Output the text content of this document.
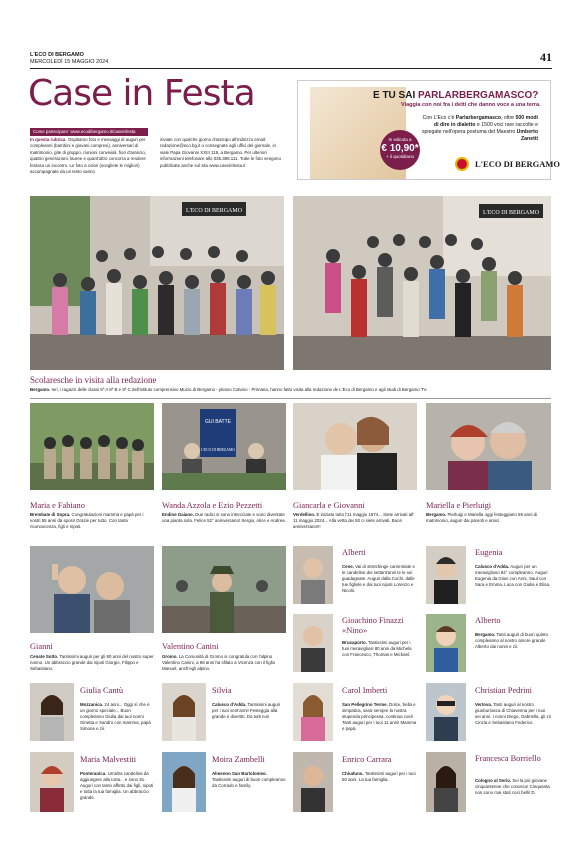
L'ECO DI BERGAMO
MERCOLEDÌ 15 MAGGIO 2024	41
Case in Festa
Come partecipare: www.ecodibergamo.it/caseinfesta
In questa rubrica. Ospitiamo foto e messaggi di auguri per compleanni (bambini e giovani compresi), anniversari di matrimonio, gite di gruppo, riunioni conviviali, fiori d'arancio, quattro generazioni, lauree e quant'altro concorra a rendere festoso un incontro. Le foto a colori (scegliete le migliori) accompagnate da un testo vanno
inviate con qualche giorno d'anticipo all'indirizzo email: redazione@eco.bg.it o consegnate agli uffici del giornale, in viale Papa Giovanni XXIII 118, a Bergamo. Per ulteriori informazioni telefonare allo 035.386.111. Tutte le foto vengono pubblicate anche sul sito www.caseinfesta.it
E TU SAI PARLARBERGAMASCO?
Viaggia con noi fra i detti che danno voce a una terra.
Con L'Eco c'è Parlarbergamasco, oltre 500 modi di dire in dialetto e 1500 voci rare raccolte e spiegate nell'opera postuma del Maestro Umberto Zanetti
In edicola a
€ 10,90*
+ il quotidiano
L'ECO DI BERGAMO
L'ECO DI BERGAMO	L'ECO DI BERGAMO
Scolaresche in visita alla redazione
Bergamo. Ieri, i ragazzi delle classi 5ª A 5ª B e 5ª C dell'istituto comprensivo Muzio di Bergamo - plesso Calvino - Primaria, hanno fatto visita alla redazione de L'Eco di Bergamo e agli studi di Bergamo TV.
GUI BATTE
L'ECO DI BERGAMO
Maria e Fabiano
Brembate di Sopra. Congratulazioni mamma e papà per i vostri 55 anni da sposi! Grazie per tutto. Con tanta riconoscenza, figli e nipoti.
Wanda Azzola e Ezio Pezzetti
Endine Gaiano. Due radici si sono intrecciate e sono diventate una pianta sola. Felice 52° anniversario! Sergio, Alice e Andrea.
Giancarla e Giovanni
Verdellino. È iniziato tutto l'11 maggio 1974... Siete arrivati all' 11 maggio 2024... Alla vetta dei 50 ci siete arrivati. Buon anniversario!!!
Mariella e Pierluigi
Bergamo. Pierluigi e Mariella oggi festeggiano 59 anni di matrimonio, auguri dai parenti e amici.
Alberti
Cene. Vai di stretchinge camminate e le candeline dei settant'anni te le sei guadagnate. Auguri dalla Cuchi, dalle tue figliole e dai tuoi nipoti Lorenzo e Nicolò.
Eugenia
Calusco d'Adda. Auguri per un meraviglioso 84° compleanno. Auguri Eugenia da Gisei con Anni, Saul con Sara e Emma, Luca con Giulia e Elisa.
Gianni
Cenate Sotto. Tantissimi auguri per gli 80 anni del nostro super nonno. Un abbraccio grande dai nipoti Giorgio, Filippo e Sebastiano.
Valentino Canini
Gromo. La Comunità di Gromo si congratula con l'alpino Valentino Canini, a 98 anni ha sfilato a Vicenza con il figlio Manuel, anch'egli alpino.
Gioachino Finazzi «Nino»
Brusaporto. Tantissimi auguri per i tuoi meravigliosi 80 anni da Michela con Francesco, Thomas e Michael.
Alberto
Bergamo. Tanti auguri di buon quinto compleanno al nostro amore grande Alberto dai nonni e zii.
Giulia Cantù
Mozzanica. 24 anni... Oggi sì che è un giorno speciale... Buon compleanno Giulia dai tuoi nonni Ginetta e Sandro con mamma, papà Simone e zii.
Silvia
Calusco d'Adda. Tantissimi auguri per i tuoi vent'anni! Festeggia alla grande e divertiti. Da tutti noi!
Carol Imberti
San Pellegrino Terme. Dolce, bella e simpatica, sarai sempre la nostra stupenda principessa, continua così! Tanti auguri per i tuoi 11 anni! Mamma e papà.
Christian Pedrini
Vertova. Tanti auguri al nostro giunburrasca di Chiavenna per i tuoi sei anni. I nonni Diego, Gabriella, gli zii Cinzia e Sebastiano Federico.
Maria Malvestiti
Ponteranica. Un'altra candelina da aggiungere alla torta... e sono 91. Auguri con tanto affetto dai figli, nipoti e tutta la tua famiglia. Un abbraccio grande.
Moira Zambelli
Almenno San Bartolomeo. Tantissimi auguri di buon compleanno da Corrado e family.
Enrico Carrara
Chiuduno. Tantissimi auguri per i tuoi 50 anni. La tua famiglia.
Francesca Borriello
Cologno al Serio. Sei la più giovane cinquantenne che conosco! Cinquanta non sono mai stati così belli! D.
